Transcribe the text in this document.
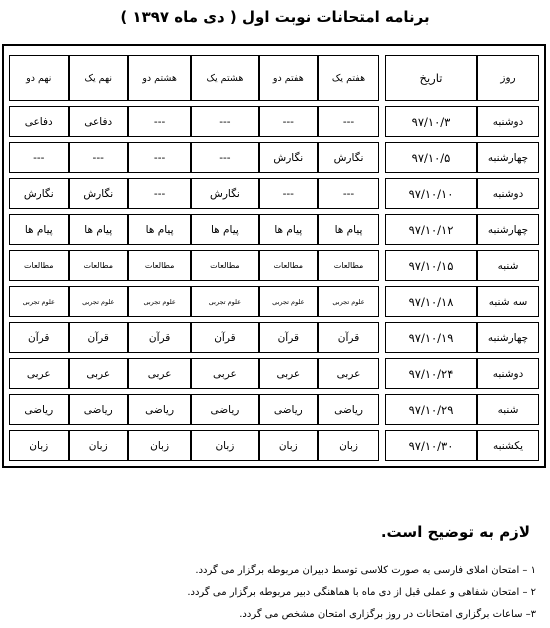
برنامه امتحانات نوبت اول ( دی ماه ۱۳۹۷ )
روز	تاریخ		هفتم یک	هفتم دو	هشتم یک	هشتم دو	نهم یک	نهم دو
دوشنبه	۹۷/۱۰/۳		---	---	---	---	دفاعی	دفاعی
چهارشنبه	۹۷/۱۰/۵		نگارش	نگارش	---	---	---	---
دوشنبه	۹۷/۱۰/۱۰		---	---	نگارش	---	نگارش	نگارش
چهارشنبه	۹۷/۱۰/۱۲		پیام ها	پیام ها	پیام ها	پیام ها	پیام ها	پیام ها
شنبه	۹۷/۱۰/۱۵		مطالعات	مطالعات	مطالعات	مطالعات	مطالعات	مطالعات
سه شنبه	۹۷/۱۰/۱۸		علوم تجربی	علوم تجربی	علوم تجربی	علوم تجربی	علوم تجربی	علوم تجربی
چهارشنبه	۹۷/۱۰/۱۹		قرآن	قرآن	قرآن	قرآن	قرآن	قرآن
دوشنبه	۹۷/۱۰/۲۴		عربی	عربی	عربی	عربی	عربی	عربی
شنبه	۹۷/۱۰/۲۹		ریاضی	ریاضی	ریاضی	ریاضی	ریاضی	ریاضی
یکشنبه	۹۷/۱۰/۳۰		زبان	زبان	زبان	زبان	زبان	زبان
لازم به توضیح است.
۱ – امتحان املای فارسی به صورت کلاسی توسط دبیران مربوطه برگزار می گردد.
۲ – امتحان شفاهی و عملی قبل از دی ماه با هماهنگی دبیر مربوطه برگزار می گردد.
۳– ساعات برگزاری امتحانات در روز برگزاری امتحان مشخص می گردد.
